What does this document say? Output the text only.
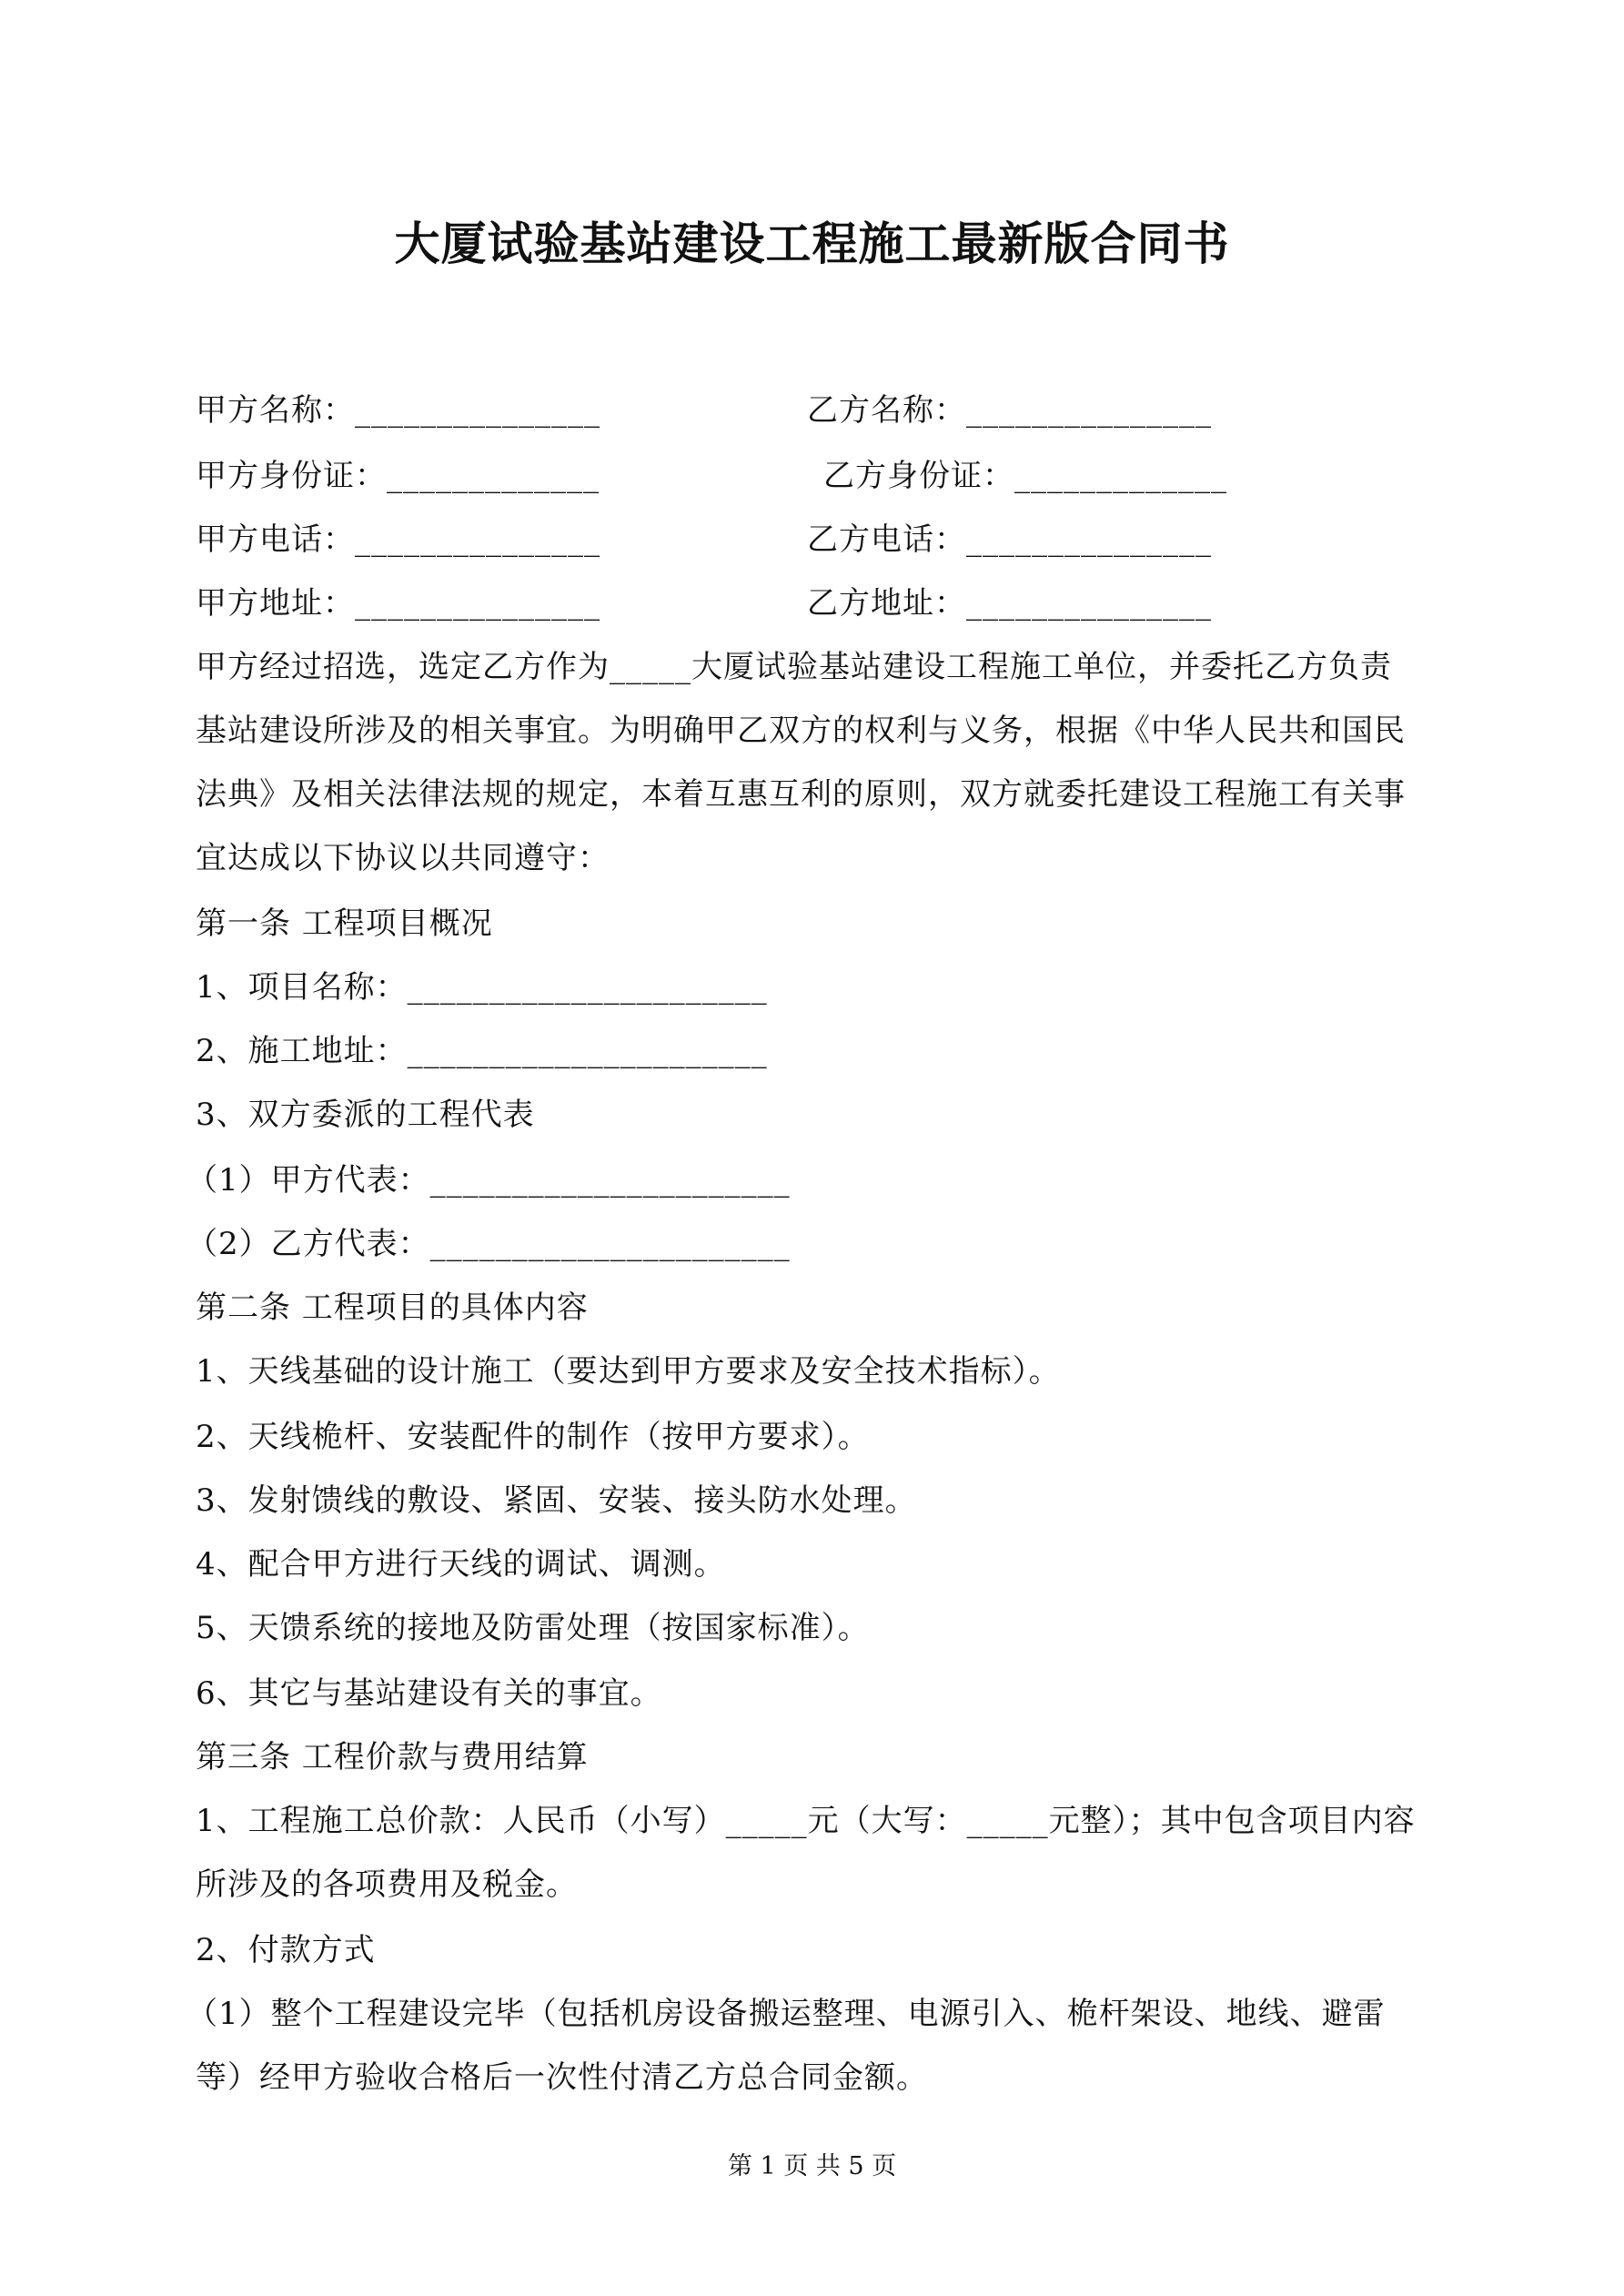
大厦试验基站建设工程施工最新版合同书
甲方名称：_______________	乙方名称：_______________
甲方身份证：_____________	乙方身份证：_____________
甲方电话：_______________	乙方电话：_______________
甲方地址：_______________	乙方地址：_______________
甲方经过招选，选定乙方作为_____大厦试验基站建设工程施工单位，并委托乙方负责
基站建设所涉及的相关事宜。为明确甲乙双方的权利与义务，根据《中华人民共和国民
法典》及相关法律法规的规定，本着互惠互利的原则，双方就委托建设工程施工有关事
宜达成以下协议以共同遵守：
第一条 工程项目概况
1、项目名称：______________________
2、施工地址：______________________
3、双方委派的工程代表
（1）甲方代表：______________________
（2）乙方代表：______________________
第二条 工程项目的具体内容
1、天线基础的设计施工（要达到甲方要求及安全技术指标）。
2、天线桅杆、安装配件的制作（按甲方要求）。
3、发射馈线的敷设、紧固、安装、接头防水处理。
4、配合甲方进行天线的调试、调测。
5、天馈系统的接地及防雷处理（按国家标准）。
6、其它与基站建设有关的事宜。
第三条 工程价款与费用结算
1、工程施工总价款：人民币（小写）_____元（大写：_____元整）；其中包含项目内容
所涉及的各项费用及税金。
2、付款方式
（1）整个工程建设完毕（包括机房设备搬运整理、电源引入、桅杆架设、地线、避雷
等）经甲方验收合格后一次性付清乙方总合同金额。
第 1 页 共 5 页
